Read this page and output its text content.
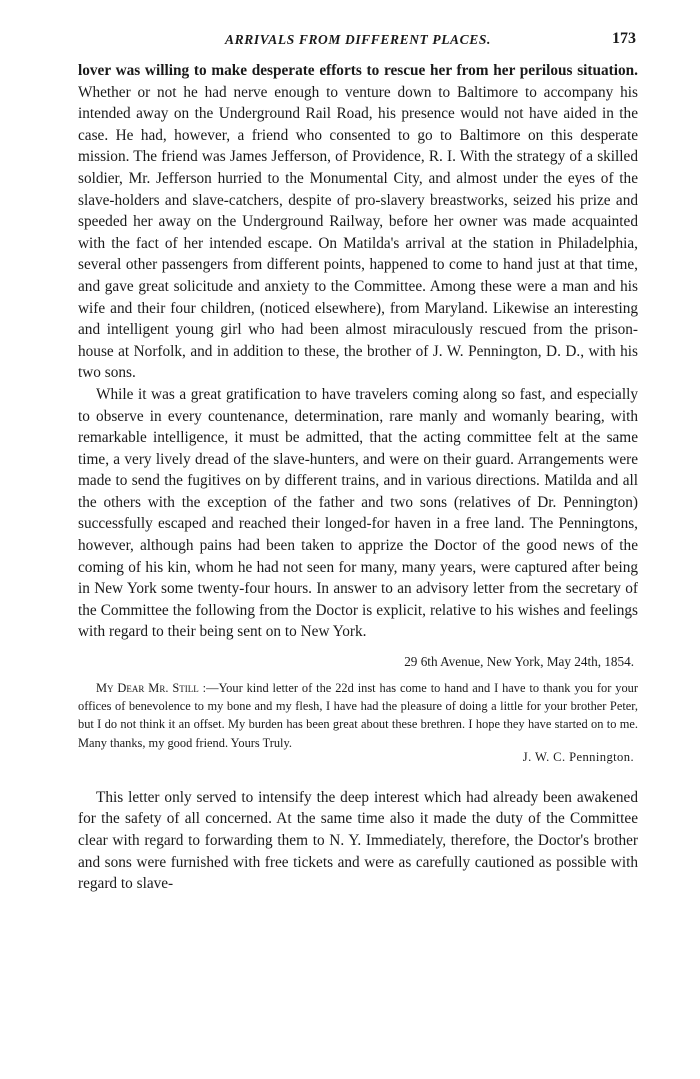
ARRIVALS FROM DIFFERENT PLACES.	173

lover was willing to make desperate efforts to rescue her from her perilous situation. Whether or not he had nerve enough to venture down to Baltimore to accompany his intended away on the Underground Rail Road, his presence would not have aided in the case. He had, however, a friend who consented to go to Baltimore on this desperate mission. The friend was James Jefferson, of Providence, R. I. With the strategy of a skilled soldier, Mr. Jefferson hurried to the Monumental City, and almost under the eyes of the slave-holders and slave-catchers, despite of pro-slavery breastworks, seized his prize and speeded her away on the Underground Railway, before her owner was made acquainted with the fact of her intended escape. On Matilda's arrival at the station in Philadelphia, several other passengers from different points, happened to come to hand just at that time, and gave great solicitude and anxiety to the Committee. Among these were a man and his wife and their four children, (noticed elsewhere), from Maryland. Likewise an interesting and intelligent young girl who had been almost miraculously rescued from the prison-house at Norfolk, and in addition to these, the brother of J. W. Pennington, D. D., with his two sons.

While it was a great gratification to have travelers coming along so fast, and especially to observe in every countenance, determination, rare manly and womanly bearing, with remarkable intelligence, it must be admitted, that the acting committee felt at the same time, a very lively dread of the slave-hunters, and were on their guard. Arrangements were made to send the fugitives on by different trains, and in various directions. Matilda and all the others with the exception of the father and two sons (relatives of Dr. Pennington) successfully escaped and reached their longed-for haven in a free land. The Penningtons, however, although pains had been taken to apprize the Doctor of the good news of the coming of his kin, whom he had not seen for many, many years, were captured after being in New York some twenty-four hours. In answer to an advisory letter from the secretary of the Committee the following from the Doctor is explicit, relative to his wishes and feelings with regard to their being sent on to New York.

29 6th Avenue, New York, May 24th, 1854.

My Dear Mr. Still :—Your kind letter of the 22d inst has come to hand and I have to thank you for your offices of benevolence to my bone and my flesh, I have had the pleasure of doing a little for your brother Peter, but I do not think it an offset. My burden has been great about these brethren. I hope they have started on to me. Many thanks, my good friend. Yours Truly.

J. W. C. Pennington.

This letter only served to intensify the deep interest which had already been awakened for the safety of all concerned. At the same time also it made the duty of the Committee clear with regard to forwarding them to N. Y. Immediately, therefore, the Doctor's brother and sons were furnished with free tickets and were as carefully cautioned as possible with regard to slave-
